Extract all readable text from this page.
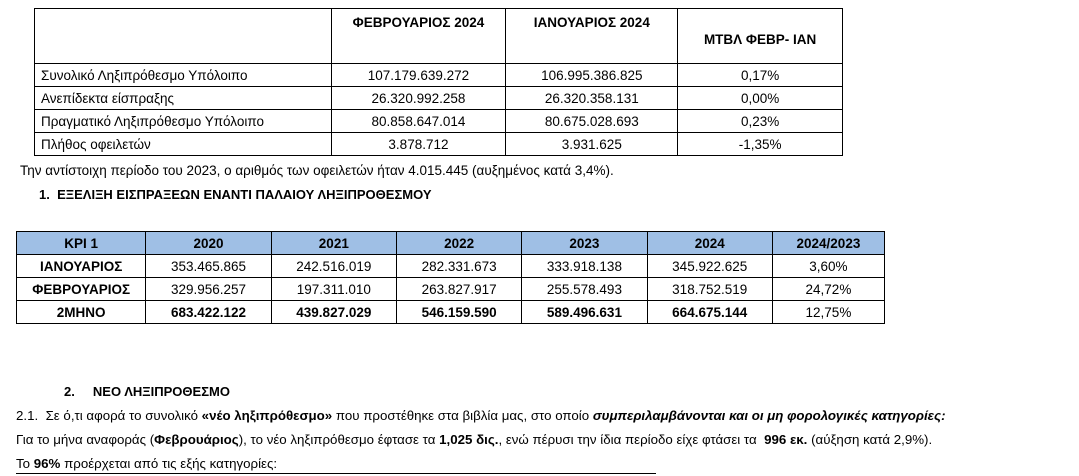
	ΦΕΒΡΟΥΑΡΙΟΣ 2024	ΙΑΝΟΥΑΡΙΟΣ 2024	ΜΤΒΛ ΦΕΒΡ- ΙΑΝ
Συνολικό Ληξιπρόθεσμο Υπόλοιπο	107.179.639.272	106.995.386.825	0,17%
Ανεπίδεκτα είσπραξης	26.320.992.258	26.320.358.131	0,00%
Πραγματικό Ληξιπρόθεσμο Υπόλοιπο	80.858.647.014	80.675.028.693	0,23%
Πλήθος οφειλετών	3.878.712	3.931.625	-1,35%
Την αντίστοιχη περίοδο του 2023, ο αριθμός των οφειλετών ήταν 4.015.445 (αυξημένος κατά 3,4%).
1. ΕΞΕΛΙΞΗ ΕΙΣΠΡΑΞΕΩΝ ΕΝΑΝΤΙ ΠΑΛΑΙΟΥ ΛΗΞΙΠΡΟΘΕΣΜΟΥ
KPI 1	2020	2021	2022	2023	2024	2024/2023
ΙΑΝΟΥΑΡΙΟΣ	353.465.865	242.516.019	282.331.673	333.918.138	345.922.625	3,60%
ΦΕΒΡΟΥΑΡΙΟΣ	329.956.257	197.311.010	263.827.917	255.578.493	318.752.519	24,72%
2ΜΗΝΟ	683.422.122	439.827.029	546.159.590	589.496.631	664.675.144	12,75%
2. ΝΕΟ ΛΗΞΙΠΡΟΘΕΣΜΟ
2.1. Σε ό,τι αφορά το συνολικό «νέο ληξιπρόθεσμο» που προστέθηκε στα βιβλία μας, στο οποίο συμπεριλαμβάνονται και οι μη φορολογικές κατηγορίες:
Για το μήνα αναφοράς (Φεβρουάριος), το νέο ληξιπρόθεσμο έφτασε τα 1,025 δις., ενώ πέρυσι την ίδια περίοδο είχε φτάσει τα  996 εκ. (αύξηση κατά 2,9%).
Το 96% προέρχεται από τις εξής κατηγορίες:
